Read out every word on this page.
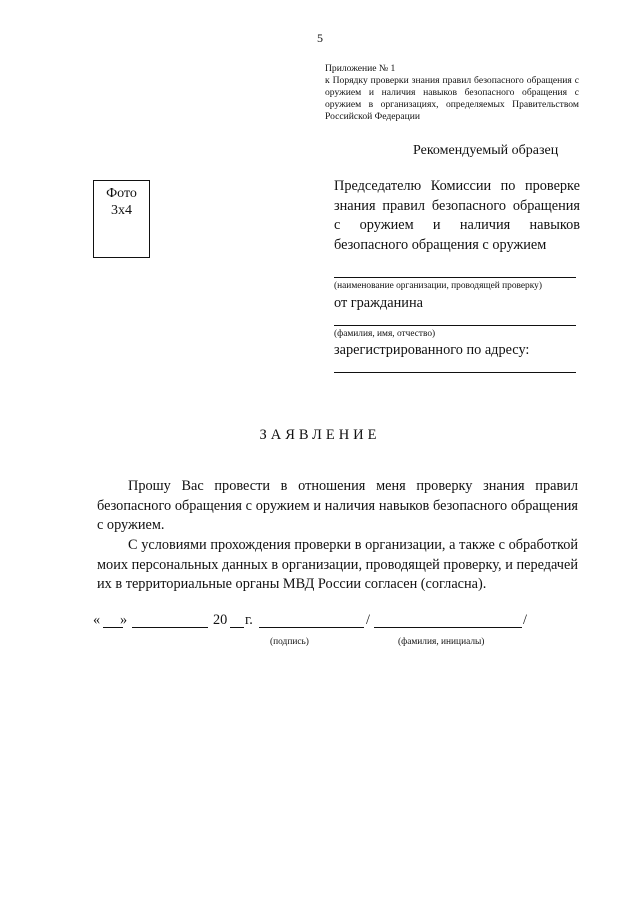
5
Приложение № 1
к Порядку проверки знания правил безопасного обращения с оружием и наличия навыков безопасного обращения с оружием в организациях, определяемых Правительством Российской Федерации
Рекомендуемый образец
Фото
3x4
Председателю Комиссии по проверке знания правил безопасного обращения с оружием и наличия навыков безопасного обращения с оружием
(наименование организации, проводящей проверку)
от гражданина
(фамилия, имя, отчество)
зарегистрированного по адресу:
ЗАЯВЛЕНИЕ
Прошу Вас провести в отношения меня проверку знания правил безопасного обращения с оружием и наличия навыков безопасного обращения с оружием.
С условиями прохождения проверки в организации, а также с обработкой моих персональных данных в организации, проводящей проверку, и передачей их в территориальные органы МВД России согласен (согласна).
« »	20 г.	/	/
(подпись)	(фамилия, инициалы)
